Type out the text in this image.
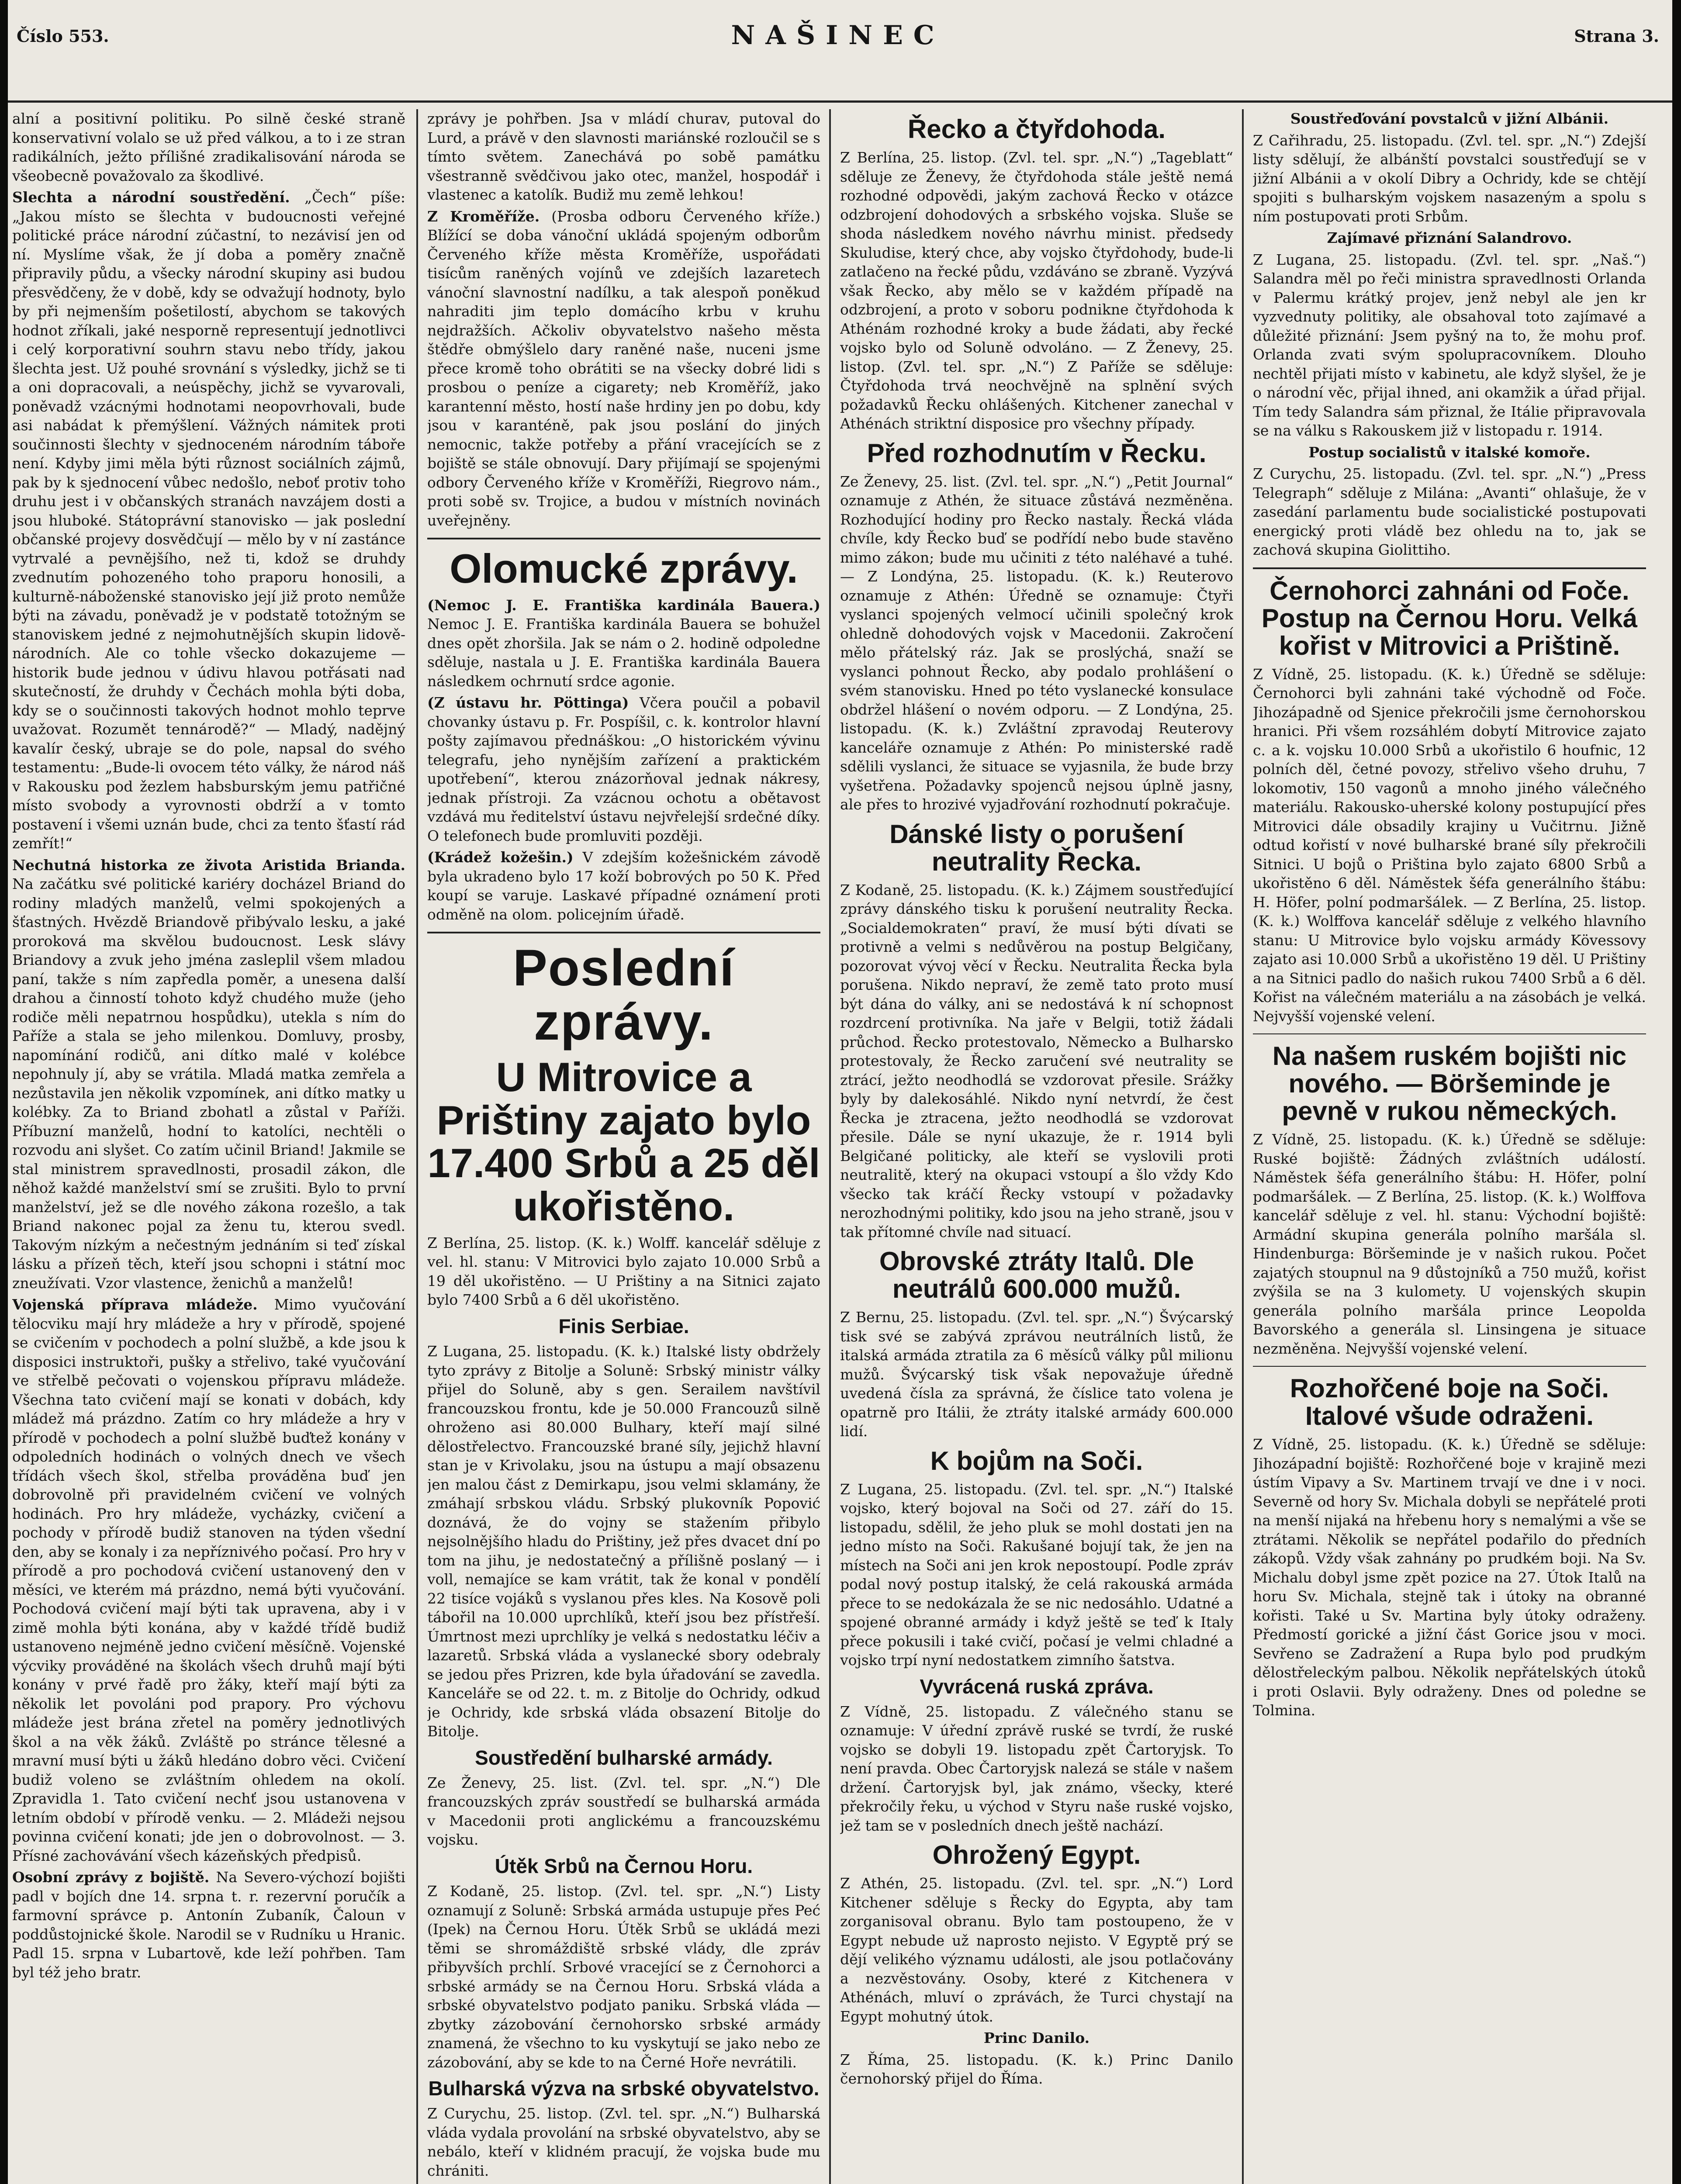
Číslo 553.	NAŠINEC	Strana 3.

alní a positivní politiku. Po silně české straně konservativní volalo se už před válkou, a to i ze stran radikálních, ježto přílišné zradikalisování národa se všeobecně považovalo za škodlivé.

Slechta a národní soustředění. „Čech“ píše: „Jakou místo se šlechta v budoucnosti veřejné politické práce národní zúčastní, to nezávisí jen od ní. Myslíme však, že jí doba a poměry značně připravily půdu, a všecky národní skupiny asi budou přesvědčeny, že v době, kdy se odvažují hodnoty, bylo by při nejmenším pošetilostí, abychom se takových hodnot zříkali, jaké nesporně representují jednotlivci i celý korporativní souhrn stavu nebo třídy, jakou šlechta jest. Už pouhé srovnání s výsledky, jichž se ti a oni dopracovali, a neúspěchy, jichž se vyvarovali, poněvadž vzácnými hodnotami neopovrhovali, bude asi nabádat k přemýšlení. Vážných námitek proti součinnosti šlechty v sjednoceném národním táboře není. Kdyby jimi měla býti různost sociálních zájmů, pak by k sjednocení vůbec nedošlo, neboť protiv toho druhu jest i v občanských stranách navzájem dosti a jsou hluboké. Státoprávní stanovisko — jak poslední občanské projevy dosvědčují — mělo by v ní zastánce vytrvalé a pevnějšího, než ti, kdož se druhdy zvednutím pohozeného toho praporu honosili, a kulturně-náboženské stanovisko její již proto nemůže býti na závadu, poněvadž je v podstatě totožným se stanoviskem jedné z nejmohutnějších skupin lidově-národních. Ale co tohle všecko dokazujeme — historik bude jednou v údivu hlavou potřásati nad skutečností, že druhdy v Čechách mohla býti doba, kdy se o součinnosti takových hodnot mohlo teprve uvažovat. Rozumět tennárodě?“ — Mladý, nadějný kavalír český, ubraje se do pole, napsal do svého testamentu: „Bude-li ovocem této války, že národ náš v Rakousku pod žezlem habsburským jemu patřičné místo svobody a vyrovnosti obdrží a v tomto postavení i všemi uznán bude, chci za tento šťastí rád zemřít!“

Nechutná historka ze života Aristida Brianda. Na začátku své politické kariéry docházel Briand do rodiny mladých manželů, velmi spokojených a šťastných. Hvězdě Briandově přibývalo lesku, a jaké proroková ma skvělou budoucnost. Lesk slávy Briandovy a zvuk jeho jména zasleplil všem mladou paní, takže s ním zapředla poměr, a unesena další drahou a činností tohoto když chudého muže (jeho rodiče měli nepatrnou hospůdku), utekla s ním do Paříže a stala se jeho milenkou. Domluvy, prosby, napomínání rodičů, ani dítko malé v kolébce nepohnuly jí, aby se vrátila. Mladá matka zemřela a nezůstavila jen několik vzpomínek, ani dítko matky u kolébky. Za to Briand zbohatl a zůstal v Paříži. Příbuzní manželů, hodní to katolíci, nechtěli o rozvodu ani slyšet. Co zatím učinil Briand! Jakmile se stal ministrem spravedlnosti, prosadil zákon, dle něhož každé manželství smí se zrušiti. Bylo to první manželství, jež se dle nového zákona rozešlo, a tak Briand nakonec pojal za ženu tu, kterou svedl. Takovým nízkým a nečestným jednáním si teď získal lásku a přízeň těch, kteří jsou schopni i státní moc zneužívati. Vzor vlastence, ženichů a manželů!

Vojenská příprava mládeže. Mimo vyučování tělocviku mají hry mládeže a hry v přírodě, spojené se cvičením v pochodech a polní službě, a kde jsou k disposici instruktoři, pušky a střelivo, také vyučování ve střelbě pečovati o vojenskou přípravu mládeže. Všechna tato cvičení mají se konati v dobách, kdy mládež má prázdno. Zatím co hry mládeže a hry v přírodě v pochodech a polní službě buďtež konány v odpoledních hodinách o volných dnech ve všech třídách všech škol, střelba prováděna buď jen dobrovolně při pravidelném cvičení ve volných hodinách. Pro hry mládeže, vycházky, cvičení a pochody v přírodě budiž stanoven na týden všední den, aby se konaly i za nepříznivého počasí. Pro hry v přírodě a pro pochodová cvičení ustanovený den v měsíci, ve kterém má prázdno, nemá býti vyučování. Pochodová cvičení mají býti tak upravena, aby i v zimě mohla býti konána, aby v každé třídě budiž ustanoveno nejméně jedno cvičení měsíčně. Vojenské výcviky prováděné na školách všech druhů mají býti konány v prvé řadě pro žáky, kteří mají býti za několik let povoláni pod prapory. Pro výchovu mládeže jest brána zřetel na poměry jednotlivých škol a na věk žáků. Zvláště po stránce tělesné a mravní musí býti u žáků hledáno dobro věci. Cvičení budiž voleno se zvláštním ohledem na okolí. Zpravidla 1. Tato cvičení nechť jsou ustanovena v letním období v přírodě venku. — 2. Mládeži nejsou povinna cvičení konati; jde jen o dobrovolnost. — 3. Přísné zachovávání všech kázeňských předpisů.

Osobní zprávy z bojiště. Na Severo-výchozí bojišti padl v bojích dne 14. srpna t. r. rezervní poručík a farmovní správce p. Antonín Zubaník, Čaloun v poddůstojnické škole. Narodil se v Rudníku u Hranic. Padl 15. srpna v Lubartově, kde leží pohřben. Tam byl též jeho bratr.

zprávy je pohřben. Jsa v mládí churav, putoval do Lurd, a právě v den slavnosti mariánské rozloučil se s tímto světem. Zanechává po sobě památku všestranně svědčivou jako otec, manžel, hospodář i vlastenec a katolík. Budiž mu země lehkou!

Z Kroměříže. (Prosba odboru Červeného kříže.) Blížící se doba vánoční ukládá spojeným odborům Červeného kříže města Kroměříže, uspořádati tisícům raněných vojínů ve zdejších lazaretech vánoční slavnostní nadílku, a tak alespoň poněkud nahraditi jim teplo domácího krbu v kruhu nejdražších. Ačkoliv obyvatelstvo našeho města štědře obmýšlelo dary raněné naše, nuceni jsme přece kromě toho obrátiti se na všecky dobré lidi s prosbou o peníze a cigarety; neb Kroměříž, jako karantenní město, hostí naše hrdiny jen po dobu, kdy jsou v karanténě, pak jsou poslání do jiných nemocnic, takže potřeby a přání vracejících se z bojiště se stále obnovují. Dary přijímají se spojenými odbory Červeného kříže v Kroměříži, Riegrovo nám., proti sobě sv. Trojice, a budou v místních novinách uveřejněny.

Olomucké zprávy.

(Nemoc J. E. Františka kardinála Bauera.) Nemoc J. E. Františka kardinála Bauera se bohužel dnes opět zhoršila. Jak se nám o 2. hodině odpoledne sděluje, nastala u J. E. Františka kardinála Bauera následkem ochrnutí srdce agonie.

(Z ústavu hr. Pöttinga) Včera poučil a pobavil chovanky ústavu p. Fr. Pospíšil, c. k. kontrolor hlavní pošty zajímavou přednáškou: „O historickém vývinu telegrafu, jeho nynějším zařízení a praktickém upotřebení“, kterou znázorňoval jednak nákresy, jednak přístroji. Za vzácnou ochotu a obětavost vzdává mu ředitelství ústavu nejvřelejší srdečné díky. O telefonech bude promluviti později.

(Krádež kožešin.) V zdejším kožešnickém závodě byla ukradeno bylo 17 koží bobrových po 50 K. Před koupí se varuje. Laskavé případné oznámení proti odměně na olom. policejním úřadě.

Poslední zprávy.
U Mitrovice a Prištiny zajato bylo 17.400 Srbů a 25 děl ukořistěno.

Z Berlína, 25. listop. (K. k.) Wolff. kancelář sděluje z vel. hl. stanu: V Mitrovici bylo zajato 10.000 Srbů a 19 děl ukořistěno. — U Prištiny a na Sitnici zajato bylo 7400 Srbů a 6 děl ukořistěno.

Finis Serbiae.

Z Lugana, 25. listopadu. (K. k.) Italské listy obdržely tyto zprávy z Bitolje a Soluně: Srbský ministr války přijel do Soluně, aby s gen. Serailem navštívil francouzskou frontu, kde je 50.000 Francouzů silně ohroženo asi 80.000 Bulhary, kteří mají silné dělostřelectvo. Francouzské brané síly, jejichž hlavní stan je v Krivolaku, jsou na ústupu a mají obsazenu jen malou část z Demirkapu, jsou velmi sklamány, že zmáhají srbskou vládu. Srbský plukovník Popović doznává, že do vojny se stažením přibylo nejsolnějšího hladu do Prištiny, jež přes dvacet dní po tom na jihu, je nedostatečný a přílišně poslaný — i voll, nemajíce se kam vrátit, tak že konal v pondělí 22 tisíce vojáků s vyslanou přes kles. Na Kosově poli tábořil na 10.000 uprchlíků, kteří jsou bez přístřeší. Úmrtnost mezi uprchlíky je velká s nedostatku léčiv a lazaretů. Srbská vláda a vyslanecké sbory odebraly se jedou přes Prizren, kde byla úřadování se zavedla. Kanceláře se od 22. t. m. z Bitolje do Ochridy, odkud je Ochridy, kde srbská vláda obsazení Bitolje do Bitolje.

Soustředění bulharské armády.

Ze Ženevy, 25. list. (Zvl. tel. spr. „N.“) Dle francouzských zpráv soustředí se bulharská armáda v Macedonii proti anglickému a francouzskému vojsku.

Útěk Srbů na Černou Horu.

Z Kodaně, 25. listop. (Zvl. tel. spr. „N.“) Listy oznamují z Soluně: Srbská armáda ustupuje přes Peć (Ipek) na Černou Horu. Útěk Srbů se ukládá mezi těmi se shromáždiště srbské vlády, dle zpráv přibyvších prchlí. Srbové vracející se z Černohorci a srbské armády se na Černou Horu. Srbská vláda a srbské obyvatelstvo podjato paniku. Srbská vláda — zbytky zázobování černohorsko srbské armády znamená, že všechno to ku vyskytují se jako nebo ze zázobování, aby se kde to na Černé Hoře nevrátili.

Bulharská výzva na srbské obyvatelstvo.

Z Curychu, 25. listop. (Zvl. tel. spr. „N.“) Bulharská vláda vydala provolání na srbské obyvatelstvo, aby se nebálo, kteří v klidném pracují, že vojska bude mu chrániti.

Řecko a čtyřdohoda.

Z Berlína, 25. listop. (Zvl. tel. spr. „N.“) „Tageblatt“ sděluje ze Ženevy, že čtyřdohoda stále ještě nemá rozhodné odpovědi, jakým zachová Řecko v otázce odzbrojení dohodových a srbského vojska. Sluše se shoda následkem nového návrhu minist. předsedy Skuludise, který chce, aby vojsko čtyřdohody, bude-li zatlačeno na řecké půdu, vzdáváno se zbraně. Vyzývá však Řecko, aby mělo se v každém případě na odzbrojení, a proto v soboru podnikne čtyřdohoda k Athénám rozhodné kroky a bude žádati, aby řecké vojsko bylo od Soluně odvoláno. — Z Ženevy, 25. listop. (Zvl. tel. spr. „N.“) Z Paříže se sděluje: Čtyřdohoda trvá neochvějně na splnění svých požadavků Řecku ohlášených. Kitchener zanechal v Athénách striktní disposice pro všechny případy.

Před rozhodnutím v Řecku.

Ze Ženevy, 25. list. (Zvl. tel. spr. „N.“) „Petit Journal“ oznamuje z Athén, že situace zůstává nezměněna. Rozhodující hodiny pro Řecko nastaly. Řecká vláda chvíle, kdy Řecko buď se podřídí nebo bude stavěno mimo zákon; bude mu učiniti z této naléhavé a tuhé. — Z Londýna, 25. listopadu. (K. k.) Reuterovo oznamuje z Athén: Úředně se oznamuje: Čtyři vyslanci spojených velmocí učinili společný krok ohledně dohodových vojsk v Macedonii. Zakročení mělo přátelský ráz. Jak se proslýchá, snaží se vyslanci pohnout Řecko, aby podalo prohlášení o svém stanovisku. Hned po této vyslanecké konsulace obdržel hlášení o novém odporu. — Z Londýna, 25. listopadu. (K. k.) Zvláštní zpravodaj Reuterovy kanceláře oznamuje z Athén: Po ministerské radě sdělili vyslanci, že situace se vyjasnila, že bude brzy vyšetřena. Požadavky spojenců nejsou úplně jasny, ale přes to hrozivé vyjadřování rozhodnutí pokračuje.

Dánské listy o porušení neutrality Řecka.

Z Kodaně, 25. listopadu. (K. k.) Zájmem soustřeďující zprávy dánského tisku k porušení neutrality Řecka. „Socialdemokraten“ praví, že musí býti dívati se protivně a velmi s nedůvěrou na postup Belgičany, pozorovat vývoj věcí v Řecku. Neutralita Řecka byla porušena. Nikdo nepraví, že země tato proto musí být dána do války, ani se nedostává k ní schopnost rozdrcení protivníka. Na jaře v Belgii, totiž žádali průchod. Řecko protestovalo, Německo a Bulharsko protestovaly, že Řecko zaručení své neutrality se ztrácí, ježto neodhodlá se vzdorovat přesile. Srážky byly by dalekosáhlé. Nikdo nyní netvrdí, že čest Řecka je ztracena, ježto neodhodlá se vzdorovat přesile. Dále se nyní ukazuje, že r. 1914 byli Belgičané politicky, ale kteří se vyslovili proti neutralitě, který na okupaci vstoupí a šlo vždy Kdo všecko tak kráčí Řecky vstoupí v požadavky nerozhodnými politiky, kdo jsou na jeho straně, jsou v tak přítomné chvíle nad situací.

Obrovské ztráty Italů. Dle neutrálů 600.000 mužů.

Z Bernu, 25. listopadu. (Zvl. tel. spr. „N.“) Švýcarský tisk své se zabývá zprávou neutrálních listů, že italská armáda ztratila za 6 měsíců války půl milionu mužů. Švýcarský tisk však nepovažuje úředně uvedená čísla za správná, že číslice tato volena je opatrně pro Itálii, že ztráty italské armády 600.000 lidí.

K bojům na Soči.

Z Lugana, 25. listopadu. (Zvl. tel. spr. „N.“) Italské vojsko, který bojoval na Soči od 27. září do 15. listopadu, sdělil, že jeho pluk se mohl dostati jen na jedno místo na Soči. Rakušané bojují tak, že jen na místech na Soči ani jen krok nepostoupí. Podle zpráv podal nový postup italský, že celá rakouská armáda přece to se nedokázala že se nic nedosáhlo. Udatné a spojené obranné armády i když ještě se teď k Italy přece pokusili i také cvičí, počasí je velmi chladné a vojsko trpí nyní nedostatkem zimního šatstva.

Vyvrácená ruská zpráva.

Z Vídně, 25. listopadu. Z válečného stanu se oznamuje: V úřední zprávě ruské se tvrdí, že ruské vojsko se dobyli 19. listopadu zpět Čartoryjsk. To není pravda. Obec Čartoryjsk nalezá se stále v našem držení. Čartoryjsk byl, jak známo, všecky, které překročily řeku, u východ v Styru naše ruské vojsko, jež tam se v posledních dnech ještě nachází.

Ohrožený Egypt.

Z Athén, 25. listopadu. (Zvl. tel. spr. „N.“) Lord Kitchener sděluje s Řecky do Egypta, aby tam zorganisoval obranu. Bylo tam postoupeno, že v Egypt nebude už naprosto nejisto. V Egyptě prý se dějí velikého významu události, ale jsou potlačovány a nezvěstovány. Osoby, které z Kitchenera v Athénách, mluví o zprávách, že Turci chystají na Egypt mohutný útok.

Princ Danilo.

Z Říma, 25. listopadu. (K. k.) Princ Danilo černohorský přijel do Říma.

Soustřeďování povstalců v jižní Albánii.

Z Cařihradu, 25. listopadu. (Zvl. tel. spr. „N.“) Zdejší listy sdělují, že albánští povstalci soustřeďují se v jižní Albánii a v okolí Dibry a Ochridy, kde se chtějí spojiti s bulharským vojskem nasazeným a spolu s ním postupovati proti Srbům.

Zajímavé přiznání Salandrovo.

Z Lugana, 25. listopadu. (Zvl. tel. spr. „Naš.“) Salandra měl po řeči ministra spravedlnosti Orlanda v Palermu krátký projev, jenž nebyl ale jen kr vyzvednuty politiky, ale obsahoval toto zajímavé a důležité přiznání: Jsem pyšný na to, že mohu prof. Orlanda zvati svým spolupracovníkem. Dlouho nechtěl přijati místo v kabinetu, ale když slyšel, že je o národní věc, přijal ihned, ani okamžik a úřad přijal. Tím tedy Salandra sám přiznal, že Itálie připravovala se na válku s Rakouskem již v listopadu r. 1914.

Postup socialistů v italské komoře.

Z Curychu, 25. listopadu. (Zvl. tel. spr. „N.“) „Press Telegraph“ sděluje z Milána: „Avanti“ ohlašuje, že v zasedání parlamentu bude socialistické postupovati energický proti vládě bez ohledu na to, jak se zachová skupina Giolittiho.

Černohorci zahnáni od Foče. Postup na Černou Horu. Velká kořist v Mitrovici a Prištině.

Z Vídně, 25. listopadu. (K. k.) Úředně se sděluje: Černohorci byli zahnáni také východně od Foče. Jihozápadně od Sjenice překročili jsme černohorskou hranici. Při všem rozsáhlém dobytí Mitrovice zajato c. a k. vojsku 10.000 Srbů a ukořistilo 6 houfnic, 12 polních děl, četné povozy, střelivo všeho druhu, 7 lokomotiv, 150 vagonů a mnoho jiného válečného materiálu. Rakousko-uherské kolony postupující přes Mitrovici dále obsadily krajiny u Vučitrnu. Jižně odtud kořistí v nové bulharské brané síly překročili Sitnici. U bojů o Priština bylo zajato 6800 Srbů a ukořistěno 6 děl. Náměstek šéfa generálního štábu: H. Höfer, polní podmaršálek. — Z Berlína, 25. listop. (K. k.) Wolffova kancelář sděluje z velkého hlavního stanu: U Mitrovice bylo vojsku armády Kövessovy zajato asi 10.000 Srbů a ukořistěno 19 děl. U Prištiny a na Sitnici padlo do našich rukou 7400 Srbů a 6 děl. Kořist na válečném materiálu a na zásobách je velká. Nejvyšší vojenské velení.

Na našem ruském bojišti nic nového. — Böršeminde je pevně v rukou německých.

Z Vídně, 25. listopadu. (K. k.) Úředně se sděluje: Ruské bojiště: Žádných zvláštních událostí. Náměstek šéfa generálního štábu: H. Höfer, polní podmaršálek. — Z Berlína, 25. listop. (K. k.) Wolffova kancelář sděluje z vel. hl. stanu: Východní bojiště: Armádní skupina generála polního maršála sl. Hindenburga: Böršeminde je v našich rukou. Počet zajatých stoupnul na 9 důstojníků a 750 mužů, kořist zvýšila se na 3 kulomety. U vojenských skupin generála polního maršála prince Leopolda Bavorského a generála sl. Linsingena je situace nezměněna. Nejvyšší vojenské velení.

Rozhořčené boje na Soči. Italové všude odraženi.

Z Vídně, 25. listopadu. (K. k.) Úředně se sděluje: Jihozápadní bojiště: Rozhořčené boje v krajině mezi ústím Vipavy a Sv. Martinem trvají ve dne i v noci. Severně od hory Sv. Michala dobyli se nepřátelé proti na menší nijaká na hřebenu hory s nemalými a vše se ztrátami. Několik se nepřátel podařilo do předních zákopů. Vždy však zahnány po prudkém boji. Na Sv. Michalu dobyl jsme zpět pozice na 27. Útok Italů na horu Sv. Michala, stejně tak i útoky na obranné kořisti. Také u Sv. Martina byly útoky odraženy. Předmostí gorické a jižní část Gorice jsou v moci. Sevřeno se Zadražení a Rupa bylo pod prudkým dělostřeleckým palbou. Několik nepřátelských útoků i proti Oslavii. Byly odraženy. Dnes od poledne se Tolmina.
